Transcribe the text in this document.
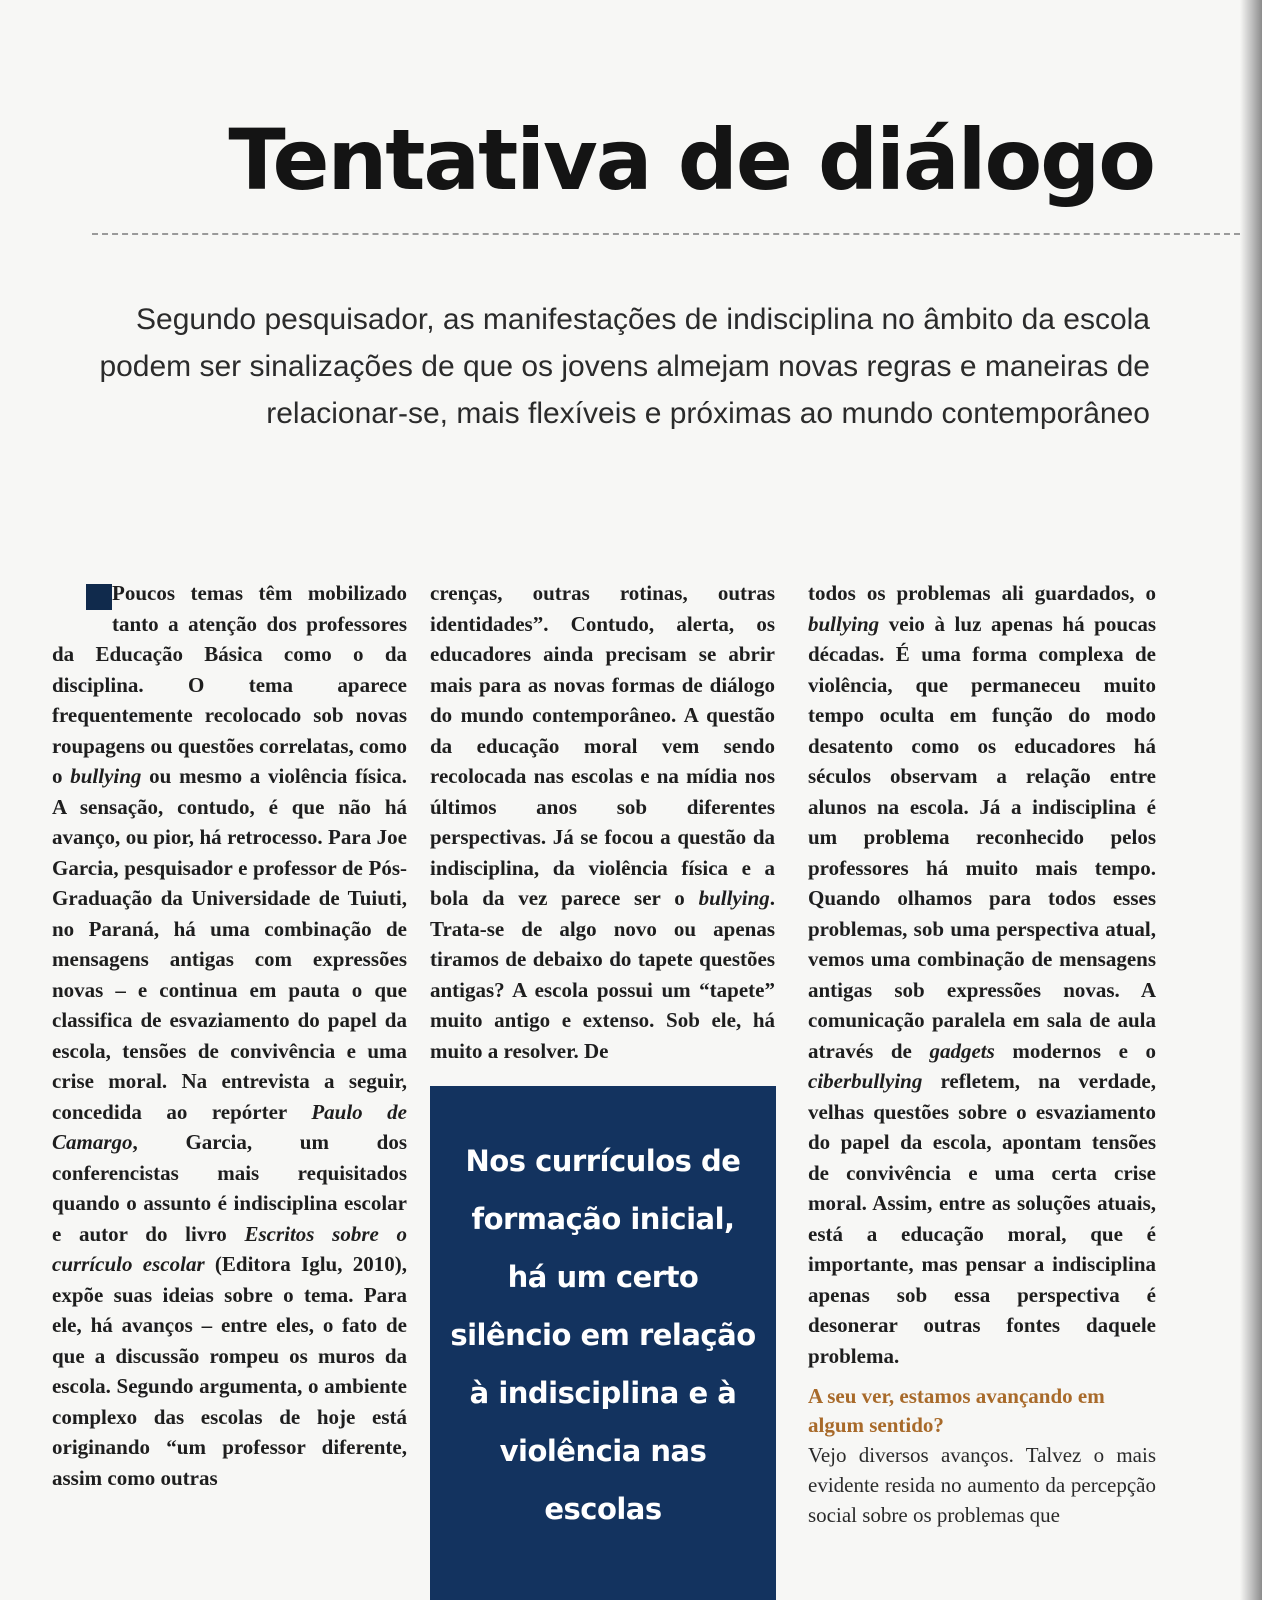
Tentativa de diálogo

Segundo pesquisador, as manifestações de indisciplina no âmbito da escola podem ser sinalizações de que os jovens almejam novas regras e maneiras de relacionar-se, mais flexíveis e próximas ao mundo contemporâneo

Poucos temas têm mobilizado tanto a atenção dos professores da Educação Básica como o da disciplina. O tema aparece frequentemente recolocado sob novas roupagens ou questões correlatas, como o bullying ou mesmo a violência física. A sensação, contudo, é que não há avanço, ou pior, há retrocesso. Para Joe Garcia, pesquisador e professor de Pós-Graduação da Universidade de Tuiuti, no Paraná, há uma combinação de mensagens antigas com expressões novas – e continua em pauta o que classifica de esvaziamento do papel da escola, tensões de convivência e uma crise moral. Na entrevista a seguir, concedida ao repórter Paulo de Camargo, Garcia, um dos conferencistas mais requisitados quando o assunto é indisciplina escolar e autor do livro Escritos sobre o currículo escolar (Editora Iglu, 2010), expõe suas ideias sobre o tema. Para ele, há avanços – entre eles, o fato de que a discussão rompeu os muros da escola. Segundo argumenta, o ambiente complexo das escolas de hoje está originando “um professor diferente, assim como outras

crenças, outras rotinas, outras identidades”. Contudo, alerta, os educadores ainda precisam se abrir mais para as novas formas de diálogo do mundo contemporâneo. A questão da educação moral vem sendo recolocada nas escolas e na mídia nos últimos anos sob diferentes perspectivas. Já se focou a questão da indisciplina, da violência física e a bola da vez parece ser o bullying. Trata-se de algo novo ou apenas tiramos de debaixo do tapete questões antigas? A escola possui um “tapete” muito antigo e extenso. Sob ele, há muito a resolver. De

Nos currículos de formação inicial, há um certo silêncio em relação à indisciplina e à violência nas escolas

todos os problemas ali guardados, o bullying veio à luz apenas há poucas décadas. É uma forma complexa de violência, que permaneceu muito tempo oculta em função do modo desatento como os educadores há séculos observam a relação entre alunos na escola. Já a indisciplina é um problema reconhecido pelos professores há muito mais tempo. Quando olhamos para todos esses problemas, sob uma perspectiva atual, vemos uma combinação de mensagens antigas sob expressões novas. A comunicação paralela em sala de aula através de gadgets modernos e o ciberbullying refletem, na verdade, velhas questões sobre o esvaziamento do papel da escola, apontam tensões de convivência e uma certa crise moral. Assim, entre as soluções atuais, está a educação moral, que é importante, mas pensar a indisciplina apenas sob essa perspectiva é desonerar outras fontes daquele problema.

A seu ver, estamos avançando em algum sentido?

Vejo diversos avanços. Talvez o mais evidente resida no aumento da percepção social sobre os problemas que
